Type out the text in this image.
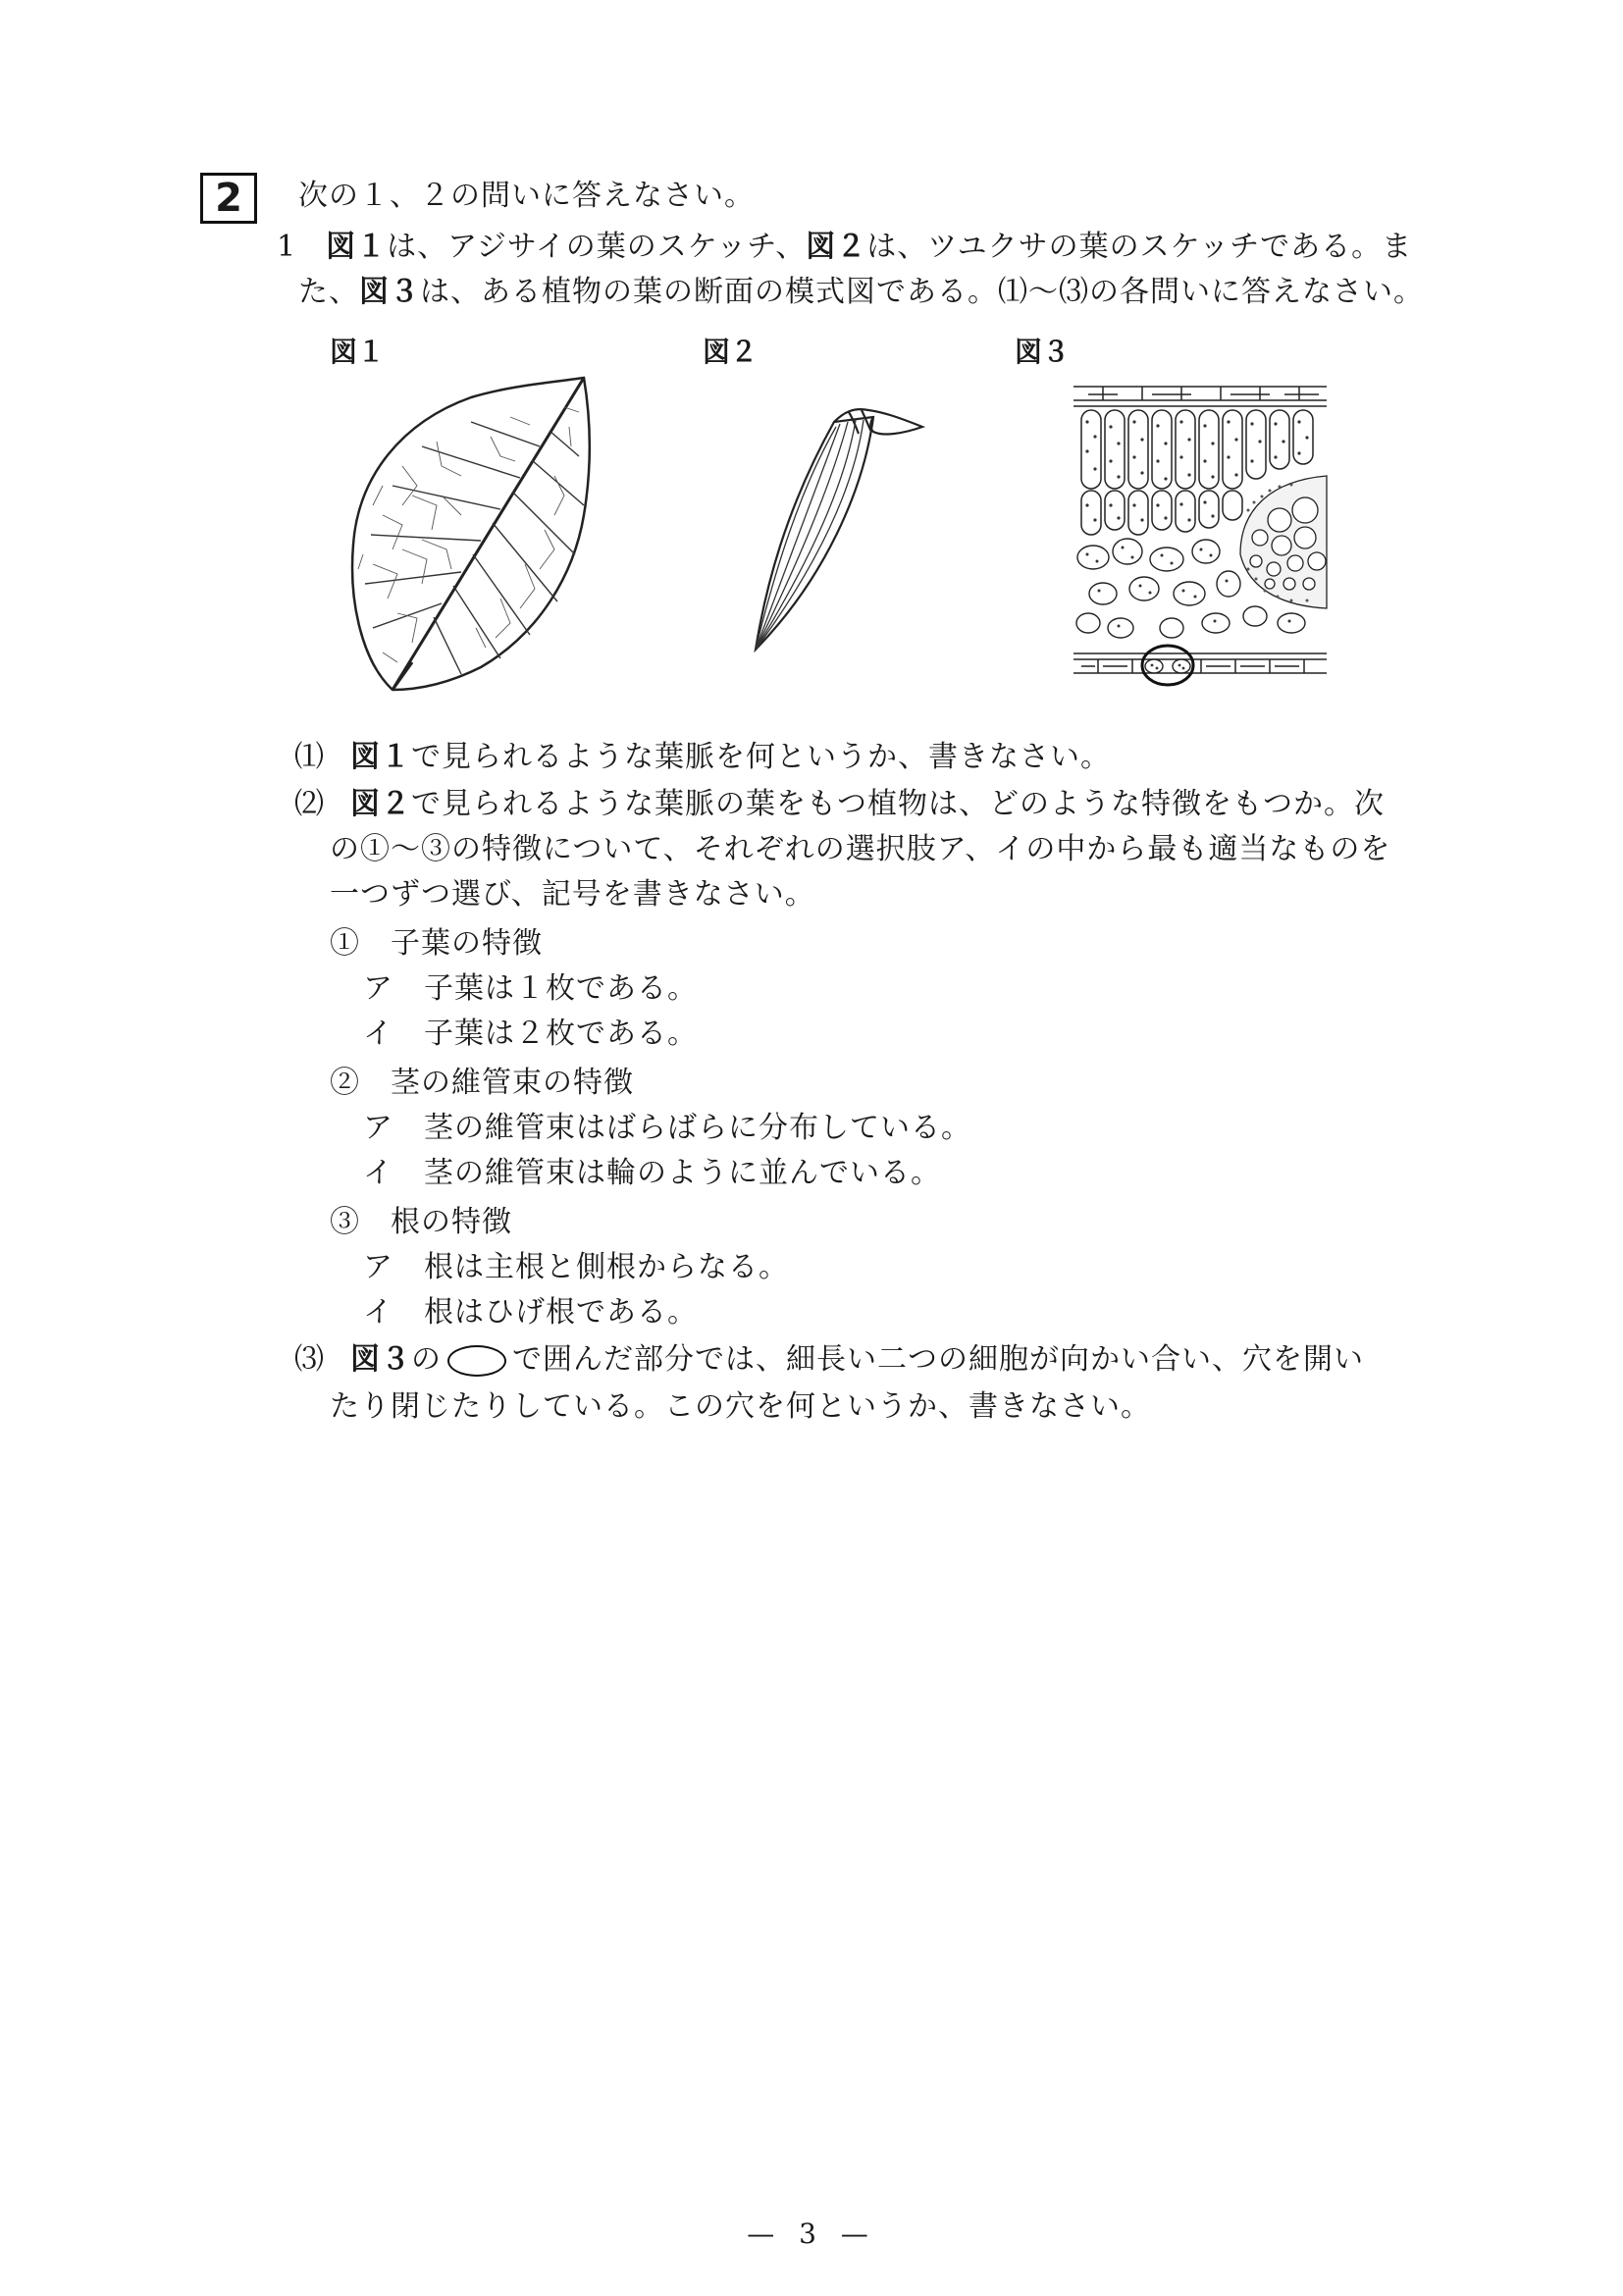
2	次の１、２の問いに答えなさい。
1 図１は、アジサイの葉のスケッチ、図２は、ツユクサの葉のスケッチである。ま
た、図３は、ある植物の葉の断面の模式図である。⑴〜⑶の各問いに答えなさい。
図１	図２	図３
⑴ 図１で見られるような葉脈を何というか、書きなさい。
⑵ 図２で見られるような葉脈の葉をもつ植物は、どのような特徴をもつか。次
の①〜③の特徴について、それぞれの選択肢ア、イの中から最も適当なものを
一つずつ選び、記号を書きなさい。
①　子葉の特徴
ア　子葉は１枚である。
イ　子葉は２枚である。
②　茎の維管束の特徴
ア　茎の維管束はばらばらに分布している。
イ　茎の維管束は輪のように並んでいる。
③　根の特徴
ア　根は主根と側根からなる。
イ　根はひげ根である。
⑶ 図３の で囲んだ部分では、細長い二つの細胞が向かい合い、穴を開い
たり閉じたりしている。この穴を何というか、書きなさい。
— 3 —
